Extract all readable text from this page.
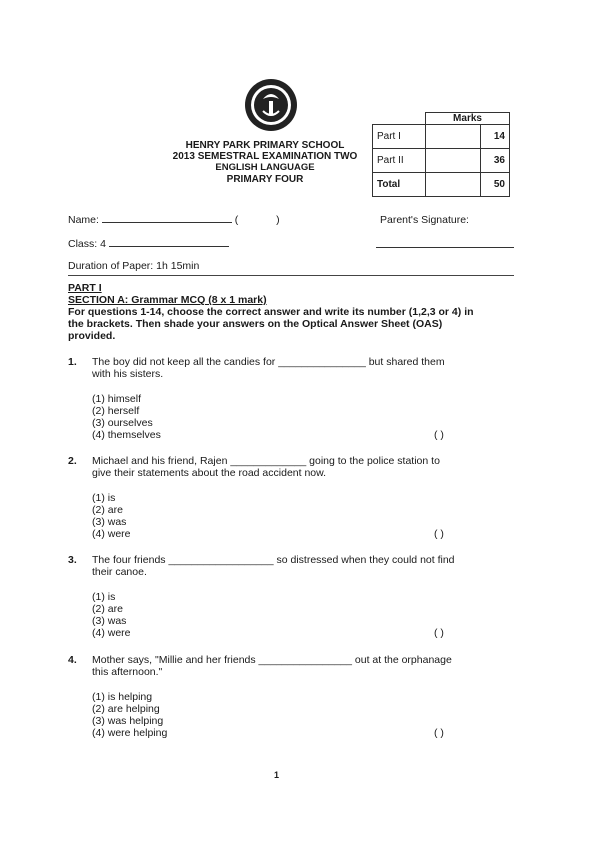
HENRY PARK PRIMARY SCHOOL
2013 SEMESTRAL EXAMINATION TWO
ENGLISH LANGUAGE
PRIMARY FOUR
	Marks	
Part I		14
Part II		36
Total		50
Name:	(	)	Parent's Signature:
Class: 4
Duration of Paper: 1h 15min
PART I
SECTION A: Grammar MCQ (8 x 1 mark)
For questions 1-14, choose the correct answer and write its number (1,2,3 or 4) in the brackets. Then shade your answers on the Optical Answer Sheet (OAS) provided.
1. The boy did not keep all the candies for _______________ but shared them
with his sisters.
(1) himself
(2) herself
(3) ourselves
(4) themselves	( )
2. Michael and his friend, Rajen _____________ going to the police station to
give their statements about the road accident now.
(1) is
(2) are
(3) was
(4) were	( )
3. The four friends __________________ so distressed when they could not find
their canoe.
(1) is
(2) are
(3) was
(4) were	( )
4. Mother says, "Millie and her friends ________________ out at the orphanage
this afternoon."
(1) is helping
(2) are helping
(3) was helping
(4) were helping	( )
1
